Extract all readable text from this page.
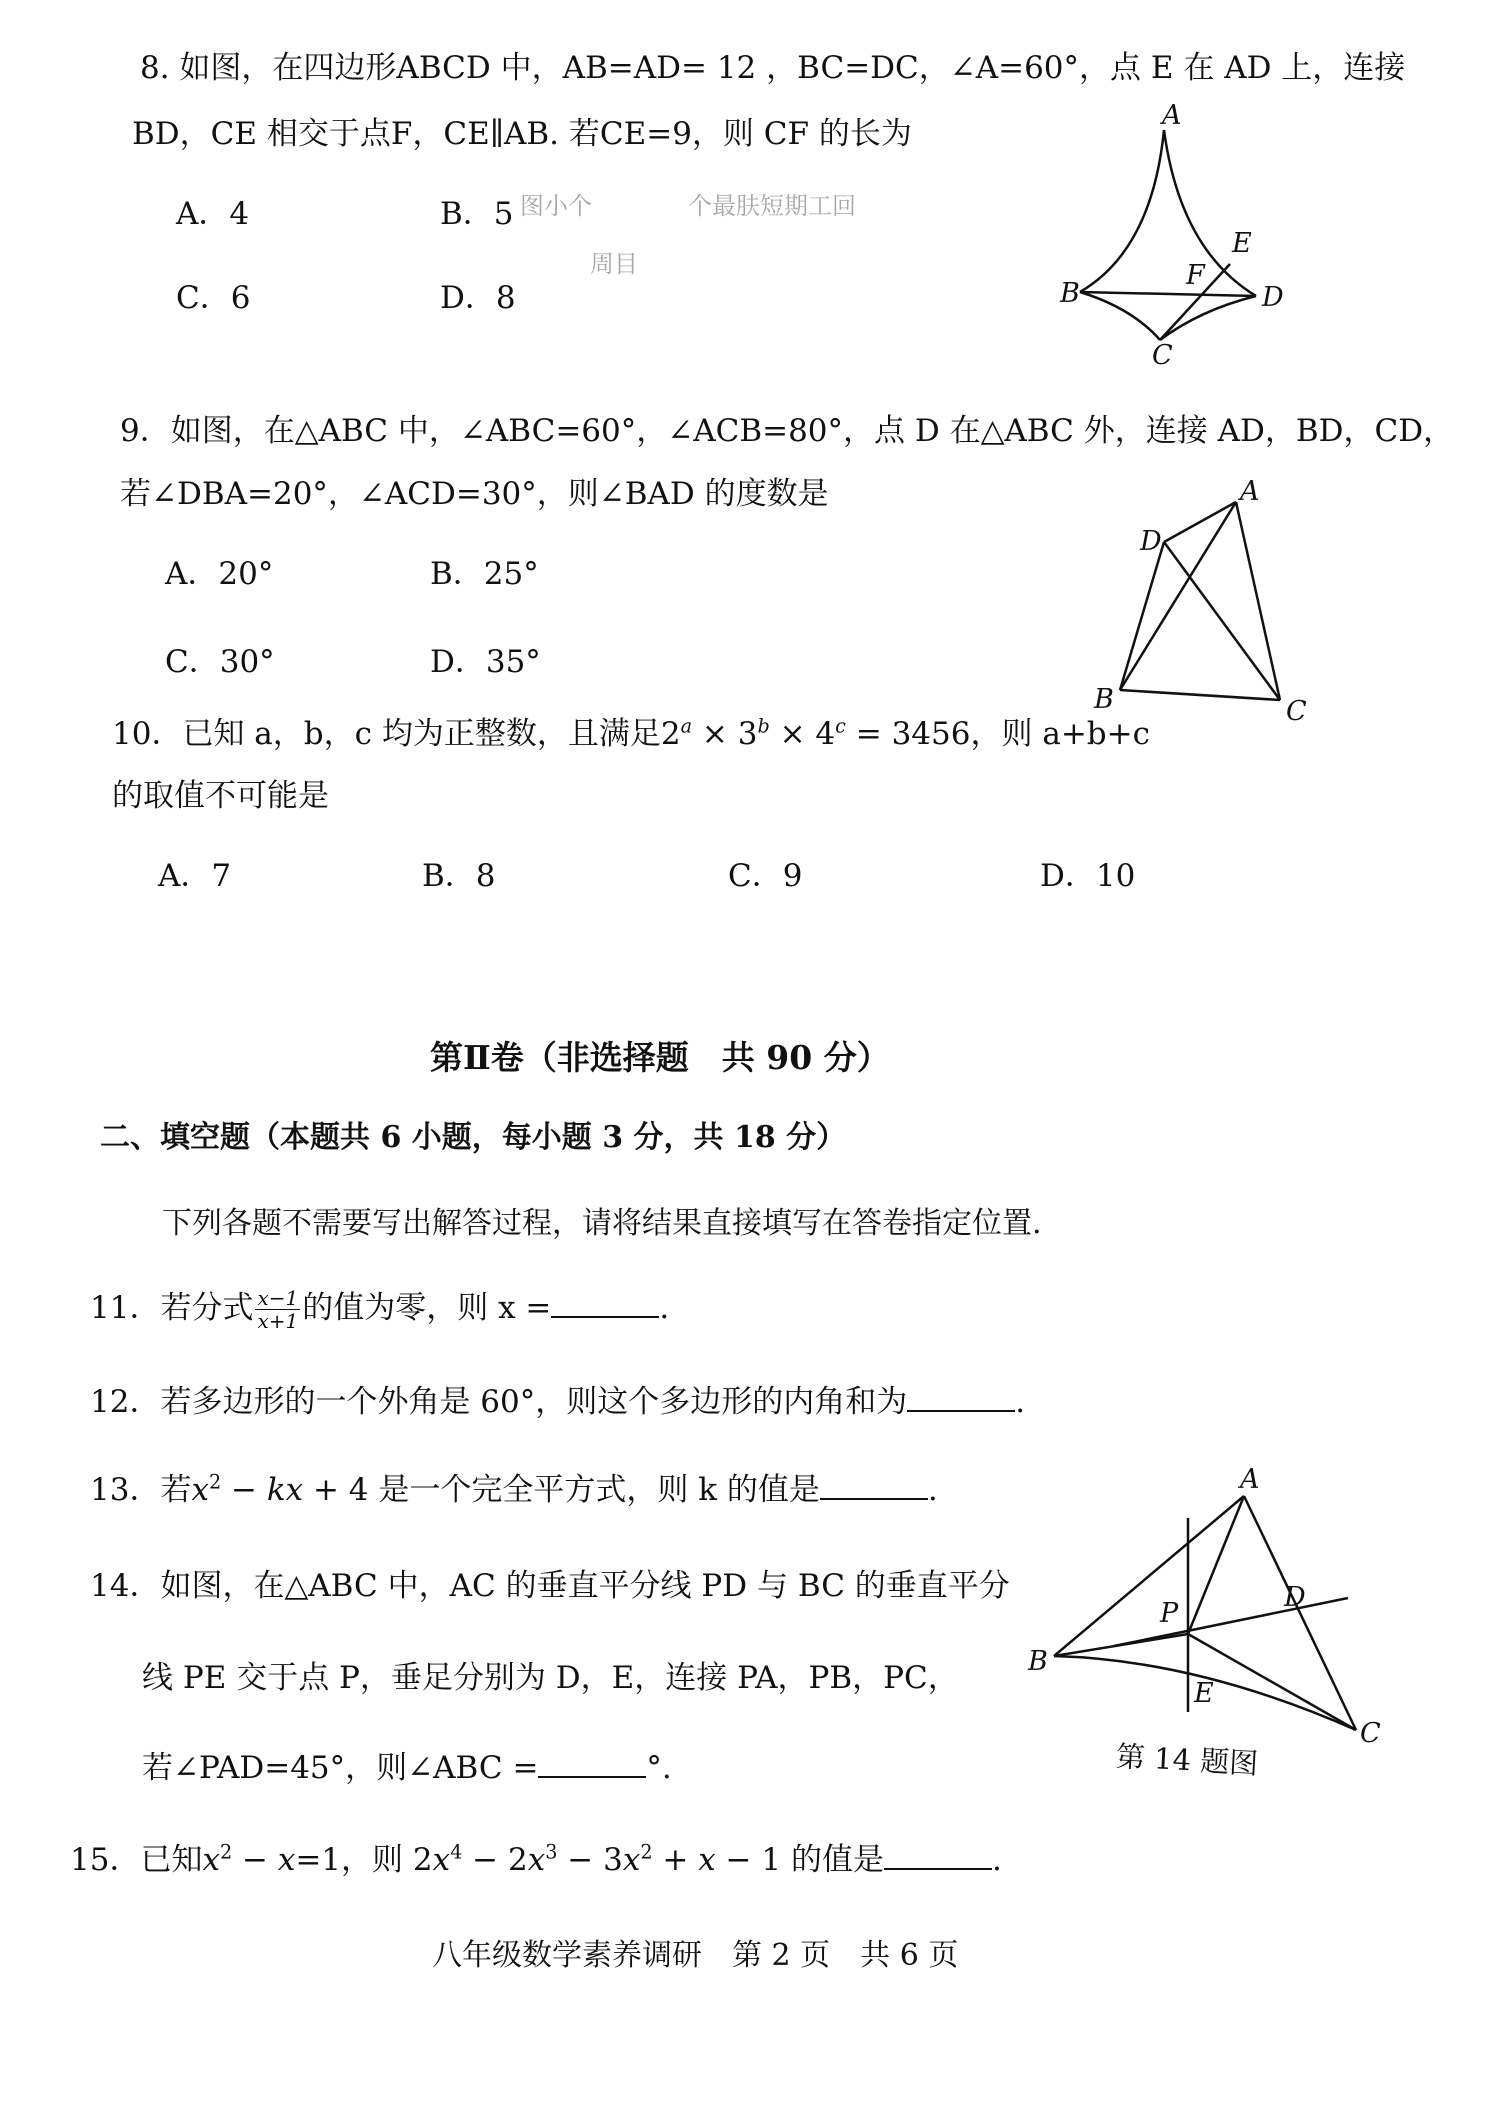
8. 如图，在四边形ABCD 中，AB=AD= 12 ，BC=DC，∠A=60°，点 E 在 AD 上，连接
BD，CE 相交于点F，CE∥AB. 若CE=9，则 CF 的长为
A．4	B．5
C．6	D．8
图小个　　　　个最肤短期工回
周目
A
E
F
B	D
C
9．如图，在△ABC 中，∠ABC=60°，∠ACB=80°，点 D 在△ABC 外，连接 AD，BD，CD，
若∠DBA=20°，∠ACD=30°，则∠BAD 的度数是
A．20°	B．25°
C．30°	D．35°
A
D
B	C
10．已知 a，b，c 均为正整数，且满足$2^a \times 3^b \times 4^c = 3456$，则 a+b+c
的取值不可能是
A．7	B．8	C．9	D．10
第Ⅱ卷（非选择题　共 90 分）
二、填空题（本题共 6 小题，每小题 3 分，共 18 分）
下列各题不需要写出解答过程，请将结果直接填写在答卷指定位置.
11．若分式 $\frac{x-1}{x+1}$ 的值为零，则 x =	.
12．若多边形的一个外角是 60°，则这个多边形的内角和为	.
13．若$x^2$ − kx + 4 是一个完全平方式，则 k 的值是	.
14．如图，在△ABC 中，AC 的垂直平分线 PD 与 BC 的垂直平分
线 PE 交于点 P，垂足分别为 D，E，连接 PA，PB，PC，
若∠PAD=45°，则∠ABC =	°.
A
P
D
B
E
C
第 14 题图
15．已知$x^2 - x=1$，则 $2x^4 - 2x^3 - 3x^2 + x - 1$ 的值是	.
八年级数学素养调研　第 2 页　共 6 页
